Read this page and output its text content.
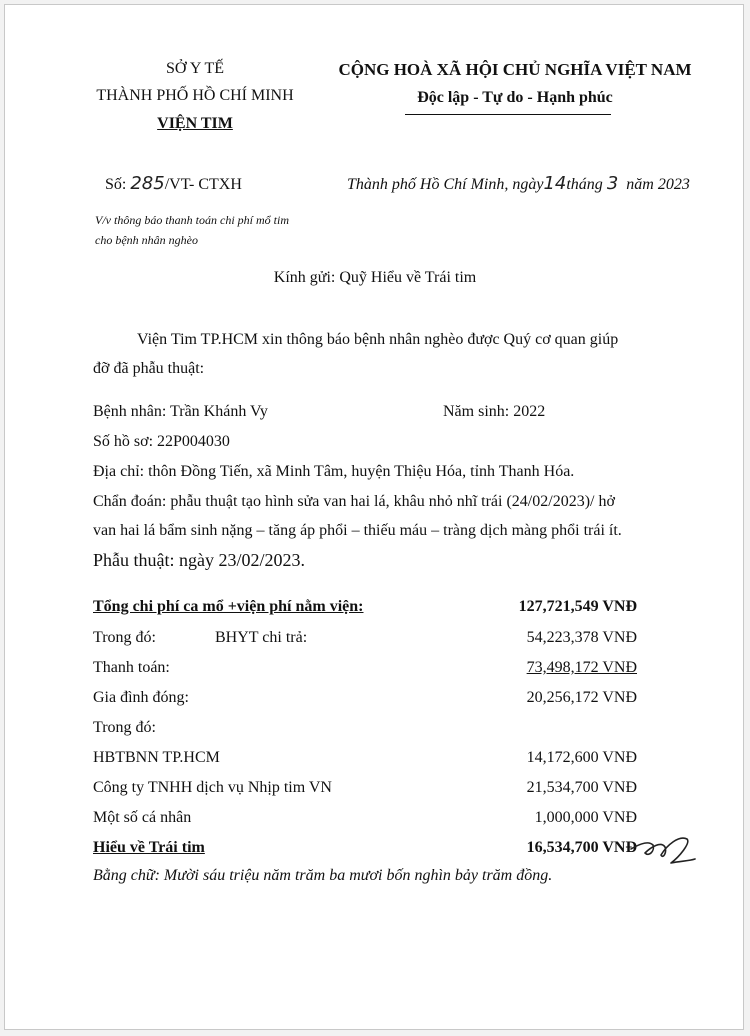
SỞ Y TẾ
THÀNH PHỐ HỒ CHÍ MINH
VIỆN TIM
CỘNG HOÀ XÃ HỘI CHỦ NGHĨA VIỆT NAM
Độc lập - Tự do - Hạnh phúc
Số: 285/VT- CTXH	Thành phố Hồ Chí Minh, ngày14tháng 3 năm 2023
V/v thông báo thanh toán chi phí mổ tim
cho bệnh nhân nghèo
Kính gửi: Quỹ Hiểu về Trái tim
Viện Tim TP.HCM xin thông báo bệnh nhân nghèo được Quý cơ quan giúp
đỡ đã phẫu thuật:
Bệnh nhân: Trần Khánh Vy	Năm sinh: 2022
Số hồ sơ: 22P004030
Địa chỉ: thôn Đồng Tiến, xã Minh Tâm, huyện Thiệu Hóa, tỉnh Thanh Hóa.
Chẩn đoán: phẫu thuật tạo hình sửa van hai lá, khâu nhỏ nhĩ trái (24/02/2023)/ hở
van hai lá bẩm sinh nặng – tăng áp phổi – thiếu máu – tràng dịch màng phổi trái ít.
Phẫu thuật: ngày 23/02/2023.
Tổng chi phí ca mổ +viện phí nằm viện:	127,721,549 VNĐ
Trong đó:	BHYT chi trả:	54,223,378 VNĐ
Thanh toán:	73,498,172 VNĐ
Gia đình đóng:	20,256,172 VNĐ
Trong đó:
HBTBNN TP.HCM	14,172,600 VNĐ
Công ty TNHH dịch vụ Nhịp tim VN	21,534,700 VNĐ
Một số cá nhân	1,000,000 VNĐ
Hiểu về Trái tim	16,534,700 VNĐ
Bằng chữ: Mười sáu triệu năm trăm ba mươi bốn nghìn bảy trăm đồng.
